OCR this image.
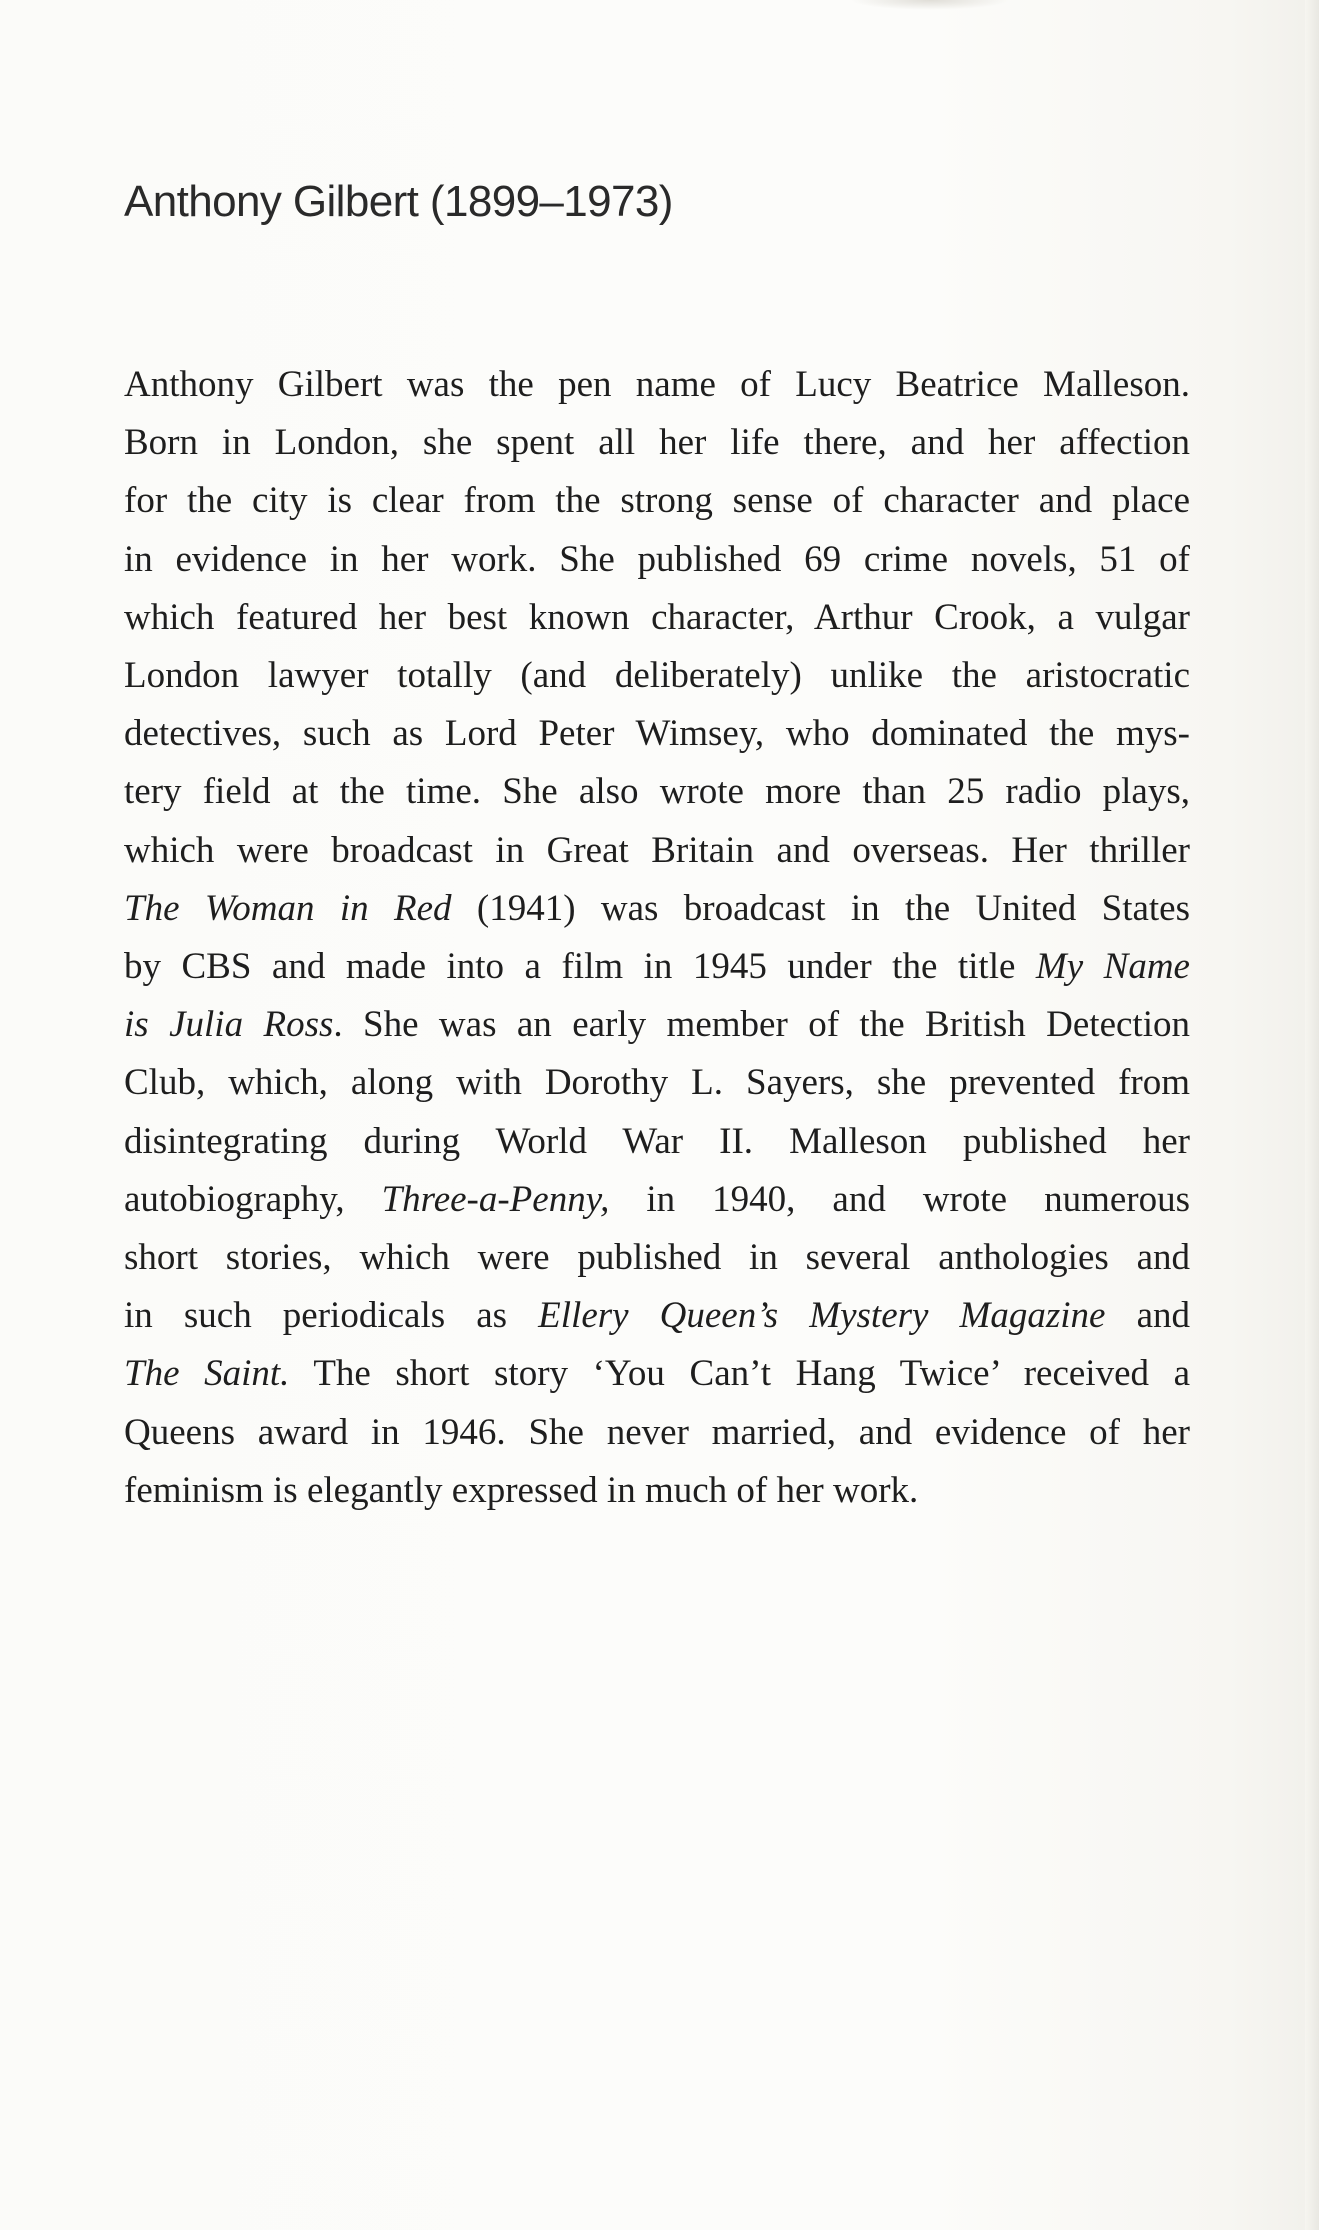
Anthony Gilbert (1899–1973)
Anthony Gilbert was the pen name of Lucy Beatrice Malleson.
Born in London, she spent all her life there, and her affection
for the city is clear from the strong sense of character and place
in evidence in her work. She published 69 crime novels, 51 of
which featured her best known character, Arthur Crook, a vulgar
London lawyer totally (and deliberately) unlike the aristocratic
detectives, such as Lord Peter Wimsey, who dominated the mys-
tery field at the time. She also wrote more than 25 radio plays,
which were broadcast in Great Britain and overseas. Her thriller
The Woman in Red (1941) was broadcast in the United States
by CBS and made into a film in 1945 under the title My Name
is Julia Ross. She was an early member of the British Detection
Club, which, along with Dorothy L. Sayers, she prevented from
disintegrating during World War II. Malleson published her
autobiography, Three-a-Penny, in 1940, and wrote numerous
short stories, which were published in several anthologies and
in such periodicals as Ellery Queen’s Mystery Magazine and
The Saint. The short story ‘You Can’t Hang Twice’ received a
Queens award in 1946. She never married, and evidence of her
feminism is elegantly expressed in much of her work.
